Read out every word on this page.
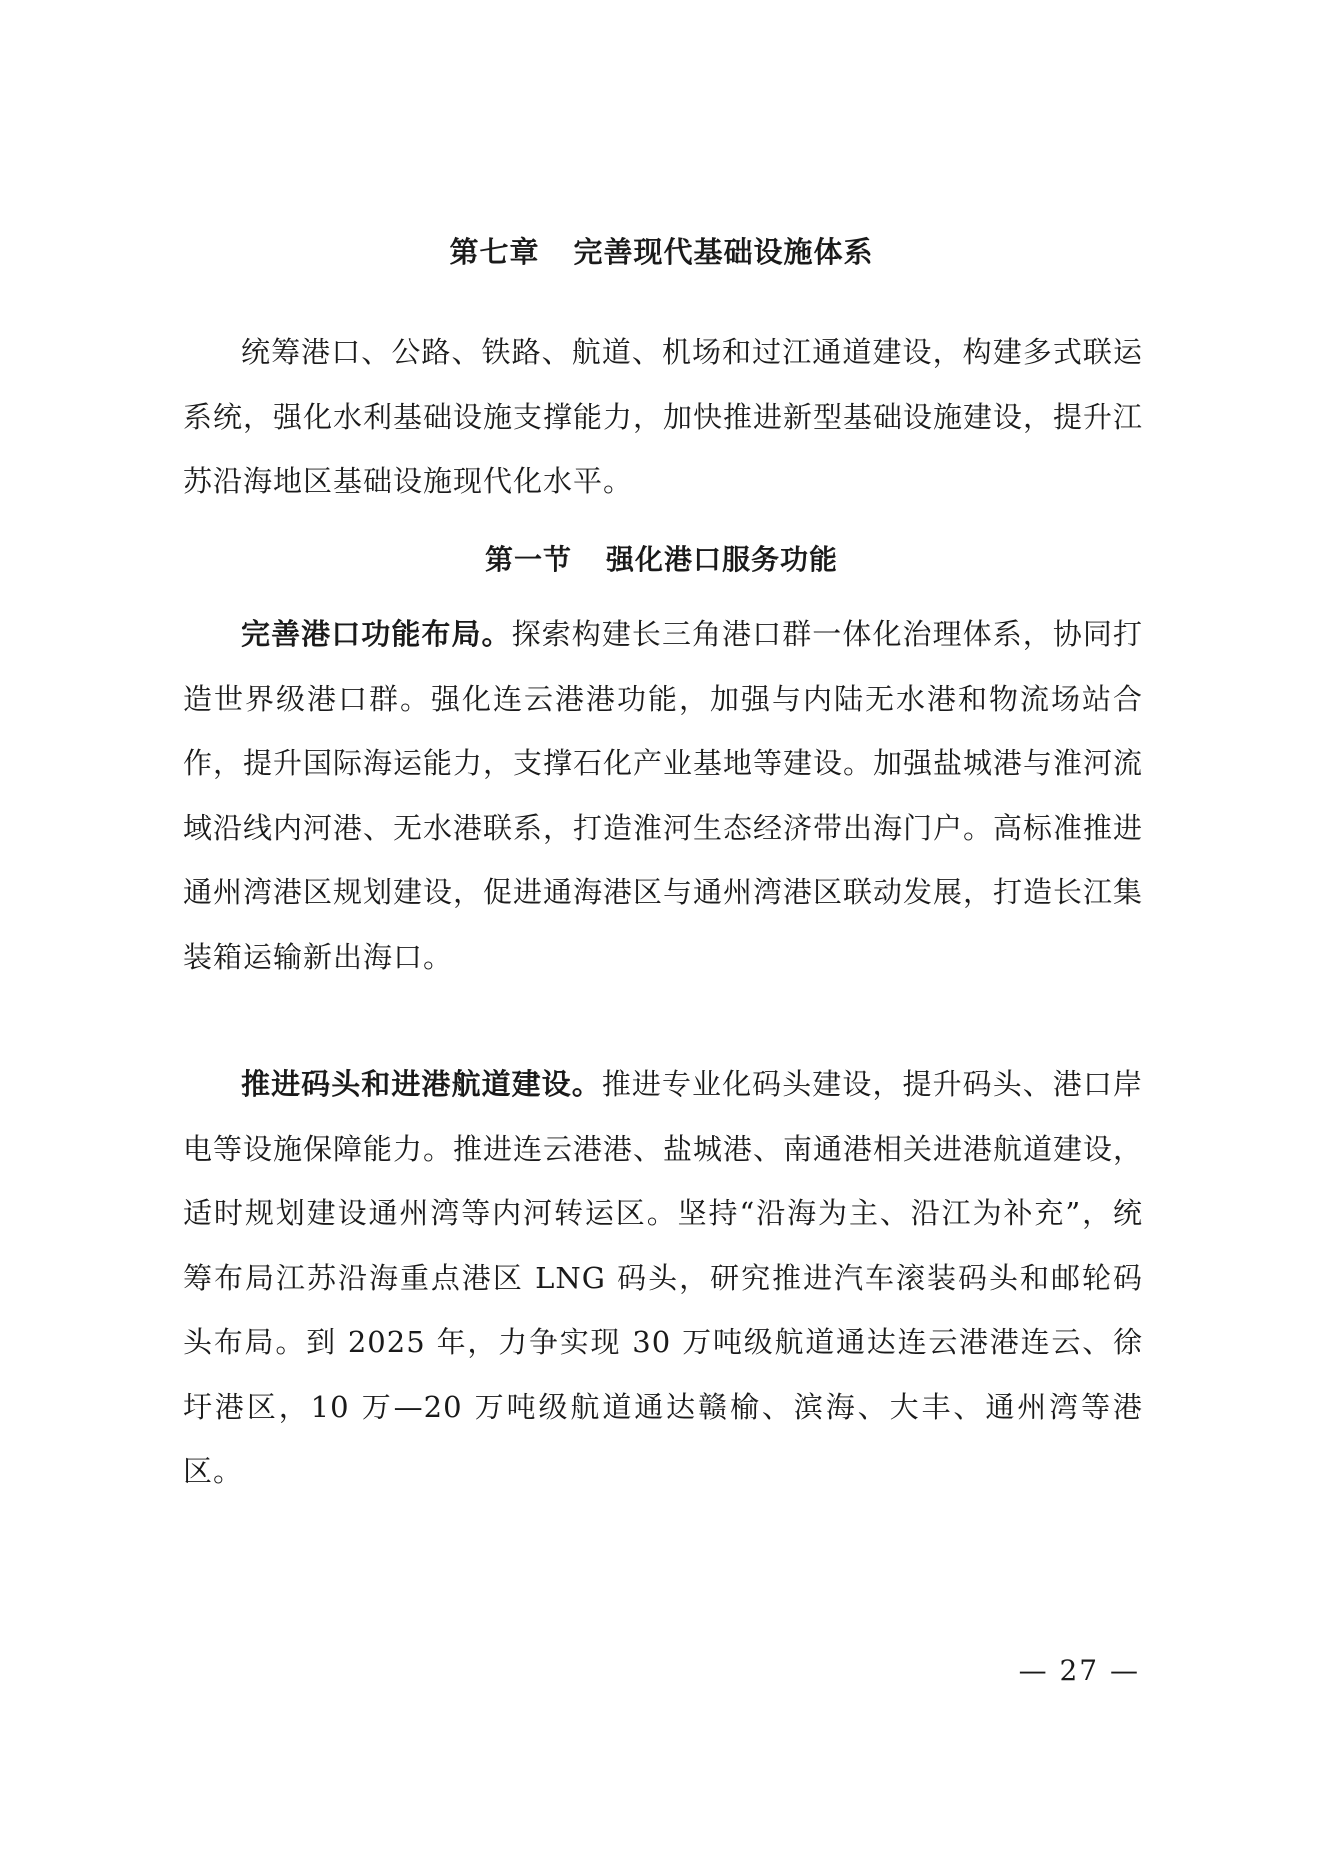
第七章 完善现代基础设施体系
统筹港口、公路、铁路、航道、机场和过江通道建设，构建多式联运系统，强化水利基础设施支撑能力，加快推进新型基础设施建设，提升江苏沿海地区基础设施现代化水平。
第一节 强化港口服务功能
完善港口功能布局。探索构建长三角港口群一体化治理体系，协同打造世界级港口群。强化连云港港功能，加强与内陆无水港和物流场站合作，提升国际海运能力，支撑石化产业基地等建设。加强盐城港与淮河流域沿线内河港、无水港联系，打造淮河生态经济带出海门户。高标准推进通州湾港区规划建设，促进通海港区与通州湾港区联动发展，打造长江集装箱运输新出海口。
推进码头和进港航道建设。推进专业化码头建设，提升码头、港口岸电等设施保障能力。推进连云港港、盐城港、南通港相关进港航道建设，适时规划建设通州湾等内河转运区。坚持“沿海为主、沿江为补充”，统筹布局江苏沿海重点港区 LNG 码头，研究推进汽车滚装码头和邮轮码头布局。到 2025 年，力争实现 30 万吨级航道通达连云港港连云、徐圩港区，10 万—20 万吨级航道通达赣榆、滨海、大丰、通州湾等港区。
— 27 —
